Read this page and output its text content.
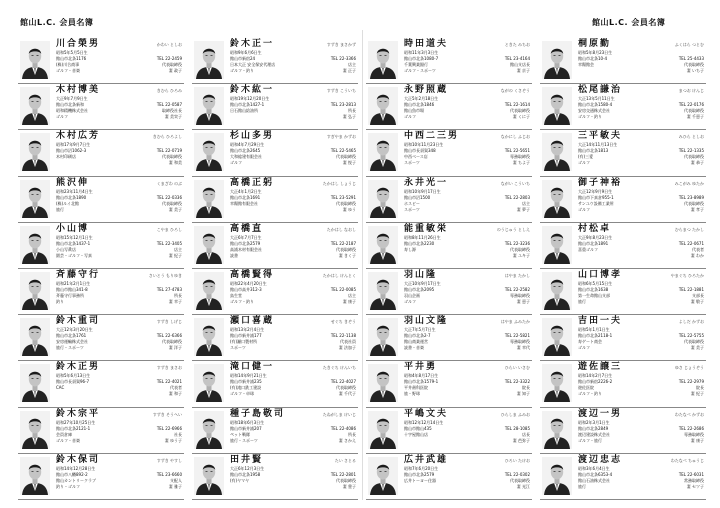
館山L.C. 会員名簿	館山L.C. 会員名簿
川合榮男	かわい としお
昭和5年5月5日生
館山市北条1176	TEL 22-2459
(株)川合商事	代表取締役
ゴルフ・音楽	妻 政子
木村博美	きむら ひろみ
大正9年7月9日生
館山市北条新和	TEL 22-0587
昭和精機株式会社	取締役社長
ゴルフ	妻 美実子
木村広芳	きむら ひろよし
昭和17年9月7日生
館山市沼1062-3	TEL 22-0719
木村印刷店	代表取締役
妻 和美
熊沢伸	くまざわ のぶ
昭和23年11月4日生
館山市北条1890	TEL 22-0336
(株)ルイ北館	代表取締役
旅行	妻 美子
小山博	こやま ひろし
昭和15年12月1日生
館山市北条1437-1	TEL 22-3405
小山写眞店	店主
園芸・ゴルフ・写真	妻 紀子
斉藤守行	さいとう もりゆき
昭和21年2月1日生
館山市館山341-8	TEL 27-4783
斉藤守行事務所	所長
釣り	妻 幸子
鈴木重司	すずき しげじ
大正12年3月20日生
館山市北条1761	TEL 22-6366
安房運輸株式会社	代表取締役
旅行・スポーツ	妻 洋子
鈴木正男	すずき まさお
昭和5年6月13日生
館山市長須賀96-7	TEL 22-4021
CAC	代表者
妻 和子
鈴木宗平	すずき そうへい
昭和27年10月25日生
館山市北条2121-1	TEL 22-6966
会員倉庫	社長
ゴルフ・音楽	妻 ゆう子
鈴木保司	すずき やすし
昭和14年12月28日生
館山市八幡892-2	TEL 23-6660
館山カントリークラブ	支配人
釣り・ゴルフ	妻 雅子
鈴木正一	すずき まさかず
昭和9年6月6日生
館山市新宿24	TEL 22-3366
日本大正 安全保安代理店	店主
ゴルフ・釣り	妻 正子
鈴木紘一	すずき こういち
昭和19年12月20日生
館山市北条1427-1	TEL 23-2813
日石館山給油所	所長
妻 弘子
杉山多男	すぎやま かずお
昭和4年7月29日生
館山市北条2645	TEL 22-5465
大和総建有限会社	代表取締役
ゴルフ	妻 悦子
高橋正躬	たかはし しょうじ
大正4年1月2日生
館山市北条1691	TEL 23-5291
幸陽館有限会社	代表取締役
妻 ゆう
高橋直	たかはし なおし
大正6年7月7日生
館山市北条2579	TEL 22-2187
高浦木材有限会社	代表取締役
読書	妻 きく子
高橋賢得	たかはし けんとく
昭和22年4月20日生
館山市高井312-3	TEL 22-0085
鳥生堂	店主
ゴルフ・釣り	妻 康子
瀬口喜蔵	せぐち きぞう
昭和13年2月4日生
館山市新井浦177	TEL 22-1138
(有)瀬口製材所	代表社員
スポーツ	妻 法加子
滝口健一	たきぐち けんいち
昭和14年9月21日生
館山市新井浦235	TEL 22-4027
(有)滝口鉄工建設	代表取締役
ゴルフ・卓球	妻 千代子
種子島敬司	たねがしま けいじ
昭和18年6月3日生
館山市新井浦207	TEL 22-4086
ペット戦隊	所長
旅行・スポーツ	妻 さかえ
田井賢	たい さとる
大正6年12月3日生
館山市北条1958	TEL 22-2801
(有)ヤマヤ	代表取締役
妻 豊子
時田道夫	ときた みちお
昭和11年3月3日生
館山市北条1080-7	TEL 23-4164
千葉興業銀行	館山支店長
ゴルフ・スポーツ	妻 京子
永野照蔵	ながの くさぞう
大正5年2月18日生
館山市北条1846	TEL 22-1614
館山魚市場	代表取締役
ゴルフ	妻 くに子
中西二三男	なかにし ふじお
昭和10年11月23日生
館山市長須賀348	TEL 22-5651
中西ベース店	専務取締役
スポーツ	妻 ちよ子
永井光一	ながい こういち
昭和10年9月17日生
館山市沼1500	TEL 22-2803
ホスピー	店主
スポーツ	妻 夢子
能重敏栄	のうじゅう としえ
昭和8年11月26日生
館山市北条2230	TEL 22-3236
寿し源	代表取締役
妻 ユキ子
羽山隆	はやま たかし
大正10年9月17日生
館山市北条2095	TEL 22-2582
羽山企画	専務取締役
ゴルフ	妻 恵子
羽山文隆	はやま ふみたか
大正7年5月7日生
館山市北条2-7	TEL 22-5821
館山商業運営	専務取締役
読書・音楽	妻 幸代
平井勇	ひらい いさむ
昭和4年8月17日生
館山市北条1579-1	TEL 22-3322
平井歯科医院	院長
旅・野球	妻 知子
平嶋文夫	ひらしま ふみお
昭和12年12月14日生
館山市館山435	TEL 28-1085
十字屋館山店	店長
妻 芭弥子
広井武雄	ひろい たけお
昭和7年6月20日生
館山市北条2579	TEL 22-0302
広井トーヨー住器	代表取締役
妻 光江
桐原勤	ふくはら つとむ
昭和5年8月23日生
館山市北条10-4	TEL 25-4433
幸陽館会	代表取締役
妻 いち子
松尾謙治	まつお けんじ
大正13年5月11日生
館山市北条1580-4	TEL 22-0176
安房交通株式会社	代表取締役
ゴルフ・釣り	妻 千恵子
三平敏夫	みひら としお
大正14年11月13日生
館山市北条1813	TEL 22-1335
(有)三愛	代表取締役
ゴルフ	妻 恭子
御子神裕	みこがみ ゆたか
大正12年9月9日生
館山市下真倉955-1	TEL 23-8989
サンユウ設備工業所	代表取締役
ゴルフ	妻 孝子
村松卓	むらまつ たかし
大正9年8月23日生
館山市北条1891	TEL 22-0671
喜重ゴルフ	代表者
妻 わか
山口博孝	やまぐち ひろたか
昭和6年5月15日生
館山市北条1638	TEL 22-1881
第一生命館山支部	支部長
旅行	妻 敬子
吉田一夫	よしだ かずお
昭和5年1月1日生
館山市北条2118-1	TEL 22-5755
寿ゲート商会	代表取締役
ゴルフ	妻 美子
遊佐譲三	ゆさ じょうぞう
昭和14年2月7日生
館山市新宿2226-2	TEL 22-2979
遊佐医院	院長
ゴルフ・釣り	妻 紀子
渡辺一男	わたなべ かずお
昭和2年3月1日生
館山市北条2849	TEL 22-2686
渡辺建設株式会社	専務取締役
ゴルフ・旅行	妻 康子
渡辺忠志	わたなべ ちゅうじ
昭和3年6月4日生
館山市北条6353-4	TEL 22-6031
館山石油株式会社	常務取締役
旅行	妻 セツ子
